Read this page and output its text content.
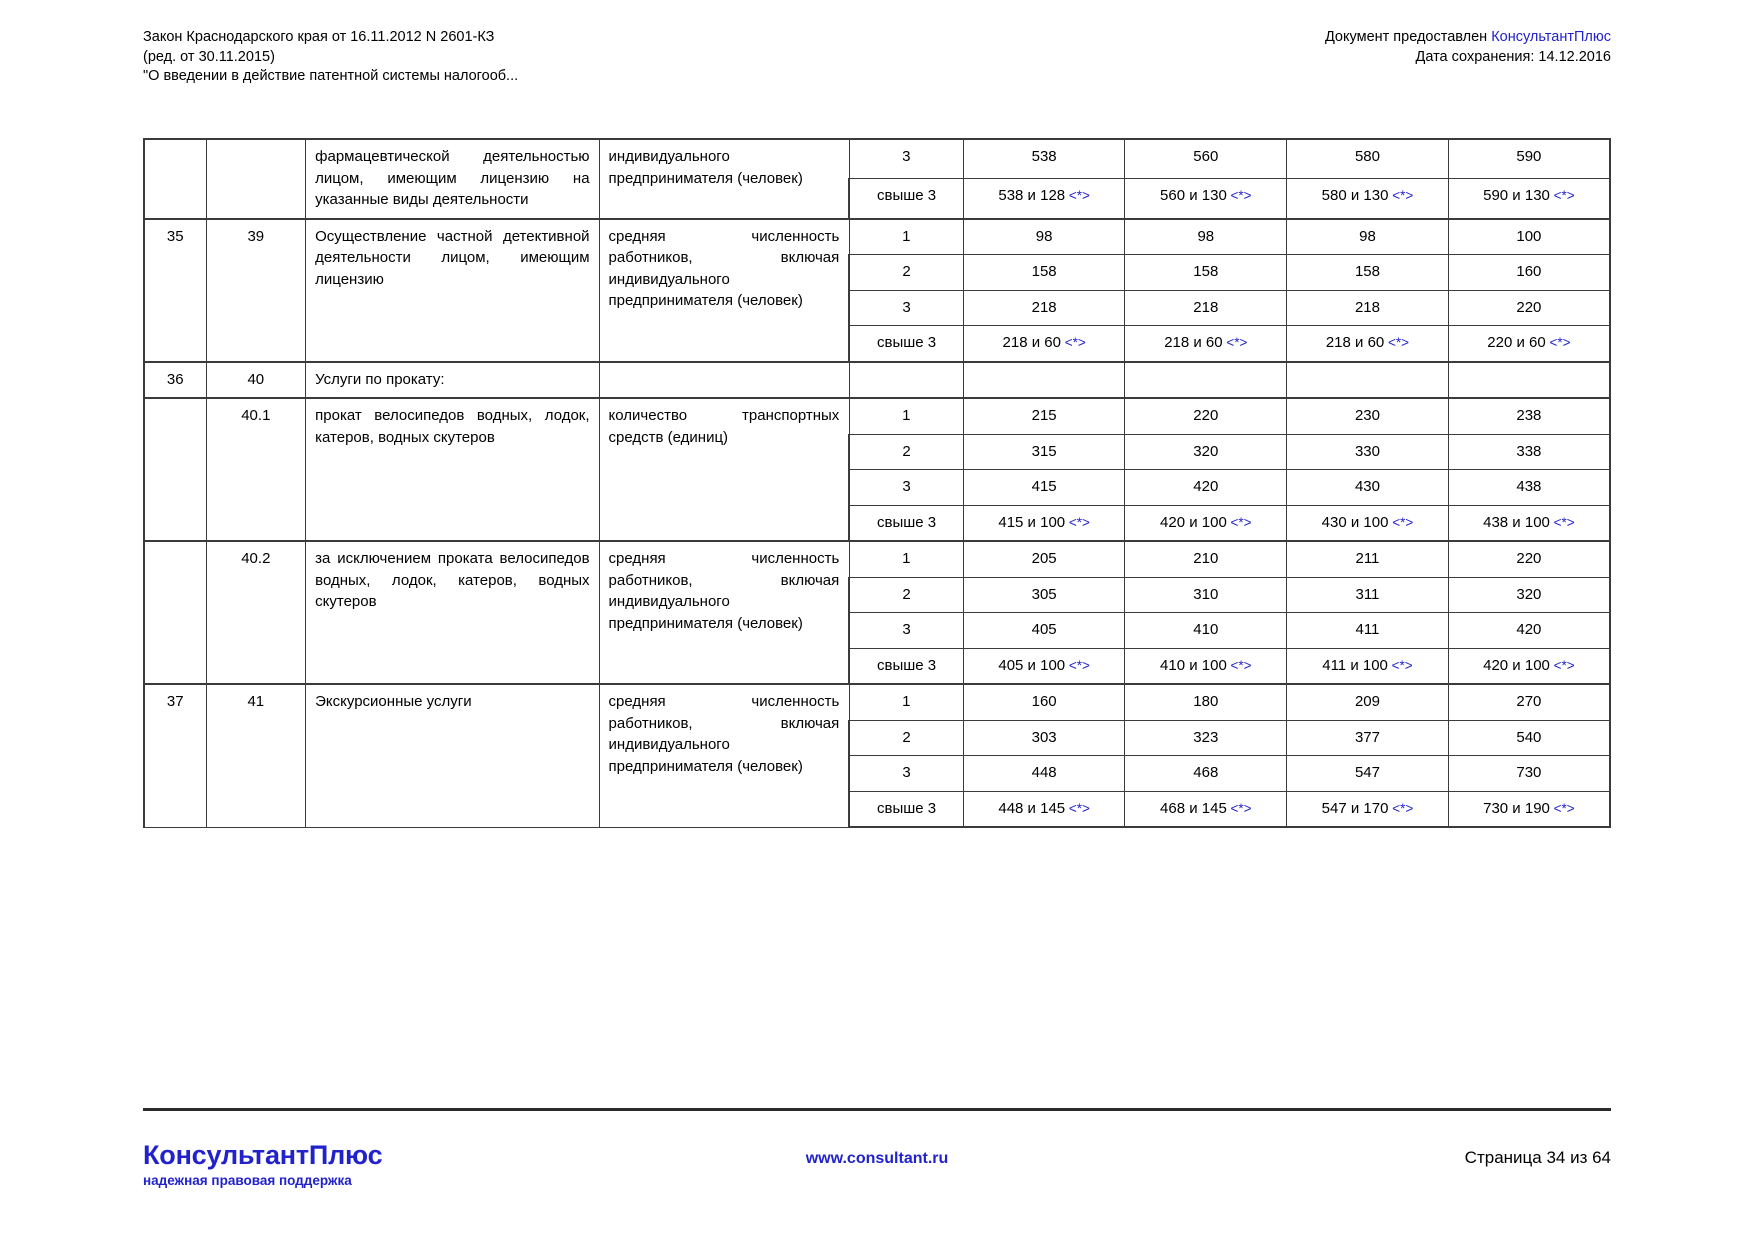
Закон Краснодарского края от 16.11.2012 N 2601-КЗ
(ред. от 30.11.2015)
"О введении в действие патентной системы налогооб...
Документ предоставлен КонсультантПлюс
Дата сохранения: 14.12.2016
		фармацевтической деятельностью лицом, имеющим лицензию на указанные виды деятельности	индивидуального предпринимателя (человек)	3	538	560	580	590
				свыше 3	538 и 128 <*>	560 и 130 <*>	580 и 130 <*>	590 и 130 <*>
35	39	Осуществление частной детективной деятельности лицом, имеющим лицензию	средняя численность работников, включая индивидуального предпринимателя (человек)	1	98	98	98	100
				2	158	158	158	160
				3	218	218	218	220
				свыше 3	218 и 60 <*>	218 и 60 <*>	218 и 60 <*>	220 и 60 <*>
36	40	Услуги по прокату:						
	40.1	прокат велосипедов водных, лодок, катеров, водных скутеров	количество транспортных средств (единиц)	1	215	220	230	238
				2	315	320	330	338
				3	415	420	430	438
				свыше 3	415 и 100 <*>	420 и 100 <*>	430 и 100 <*>	438 и 100 <*>
	40.2	за исключением проката велосипедов водных, лодок, катеров, водных скутеров	средняя численность работников, включая индивидуального предпринимателя (человек)	1	205	210	211	220
				2	305	310	311	320
				3	405	410	411	420
				свыше 3	405 и 100 <*>	410 и 100 <*>	411 и 100 <*>	420 и 100 <*>
37	41	Экскурсионные услуги	средняя численность работников, включая индивидуального предпринимателя (человек)	1	160	180	209	270
				2	303	323	377	540
				3	448	468	547	730
				свыше 3	448 и 145 <*>	468 и 145 <*>	547 и 170 <*>	730 и 190 <*>
КонсультантПлюс
надежная правовая поддержка
www.consultant.ru	Страница 34 из 64
